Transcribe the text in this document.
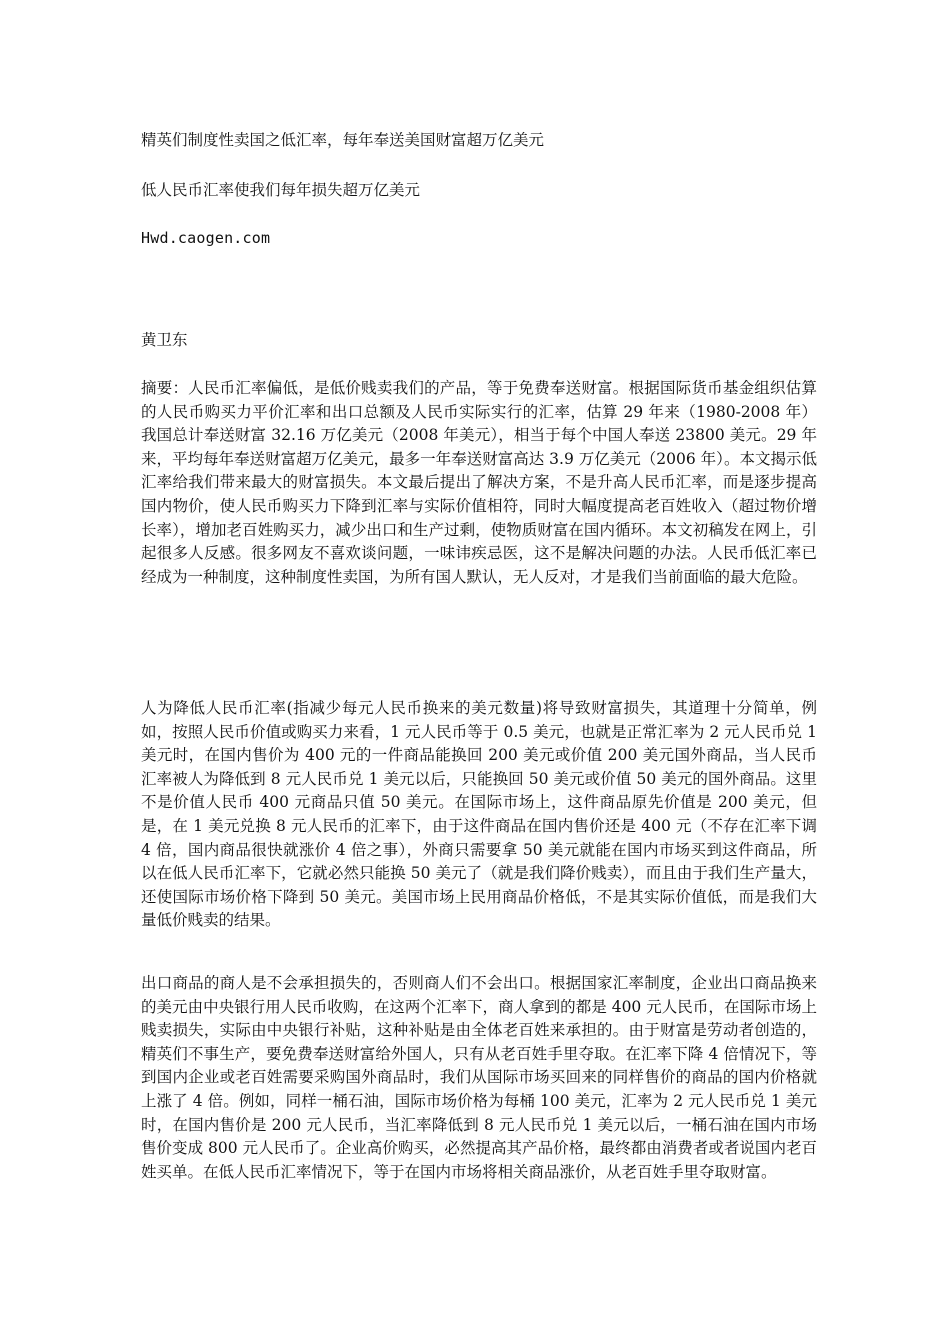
精英们制度性卖国之低汇率，每年奉送美国财富超万亿美元

低人民币汇率使我们每年损失超万亿美元

Hwd.caogen.com

黄卫东

摘要：人民币汇率偏低，是低价贱卖我们的产品，等于免费奉送财富。根据国际货币基金组织估算的人民币购买力平价汇率和出口总额及人民币实际实行的汇率，估算 29 年来（1980-2008 年）我国总计奉送财富 32.16 万亿美元（2008 年美元），相当于每个中国人奉送 23800 美元。29 年来，平均每年奉送财富超万亿美元，最多一年奉送财富高达 3.9 万亿美元（2006 年）。本文揭示低汇率给我们带来最大的财富损失。本文最后提出了解决方案，不是升高人民币汇率，而是逐步提高国内物价，使人民币购买力下降到汇率与实际价值相符，同时大幅度提高老百姓收入（超过物价增长率），增加老百姓购买力，减少出口和生产过剩，使物质财富在国内循环。本文初稿发在网上，引起很多人反感。很多网友不喜欢谈问题，一味讳疾忌医，这不是解决问题的办法。人民币低汇率已经成为一种制度，这种制度性卖国，为所有国人默认，无人反对，才是我们当前面临的最大危险。

人为降低人民币汇率(指减少每元人民币换来的美元数量)将导致财富损失，其道理十分简单，例如，按照人民币价值或购买力来看，1 元人民币等于 0.5 美元，也就是正常汇率为 2 元人民币兑 1 美元时，在国内售价为 400 元的一件商品能换回 200 美元或价值 200 美元国外商品，当人民币汇率被人为降低到 8 元人民币兑 1 美元以后，只能换回 50 美元或价值 50 美元的国外商品。这里不是价值人民币 400 元商品只值 50 美元。在国际市场上，这件商品原先价值是 200 美元，但是，在 1 美元兑换 8 元人民币的汇率下，由于这件商品在国内售价还是 400 元（不存在汇率下调 4 倍，国内商品很快就涨价 4 倍之事），外商只需要拿 50 美元就能在国内市场买到这件商品，所以在低人民币汇率下，它就必然只能换 50 美元了（就是我们降价贱卖），而且由于我们生产量大，还使国际市场价格下降到 50 美元。美国市场上民用商品价格低，不是其实际价值低，而是我们大量低价贱卖的结果。

出口商品的商人是不会承担损失的，否则商人们不会出口。根据国家汇率制度，企业出口商品换来的美元由中央银行用人民币收购，在这两个汇率下，商人拿到的都是 400 元人民币，在国际市场上贱卖损失，实际由中央银行补贴，这种补贴是由全体老百姓来承担的。由于财富是劳动者创造的，精英们不事生产，要免费奉送财富给外国人，只有从老百姓手里夺取。在汇率下降 4 倍情况下，等到国内企业或老百姓需要采购国外商品时，我们从国际市场买回来的同样售价的商品的国内价格就上涨了 4 倍。例如，同样一桶石油，国际市场价格为每桶 100 美元，汇率为 2 元人民币兑 1 美元时，在国内售价是 200 元人民币，当汇率降低到 8 元人民币兑 1 美元以后，一桶石油在国内市场售价变成 800 元人民币了。企业高价购买，必然提高其产品价格，最终都由消费者或者说国内老百姓买单。在低人民币汇率情况下，等于在国内市场将相关商品涨价，从老百姓手里夺取财富。
